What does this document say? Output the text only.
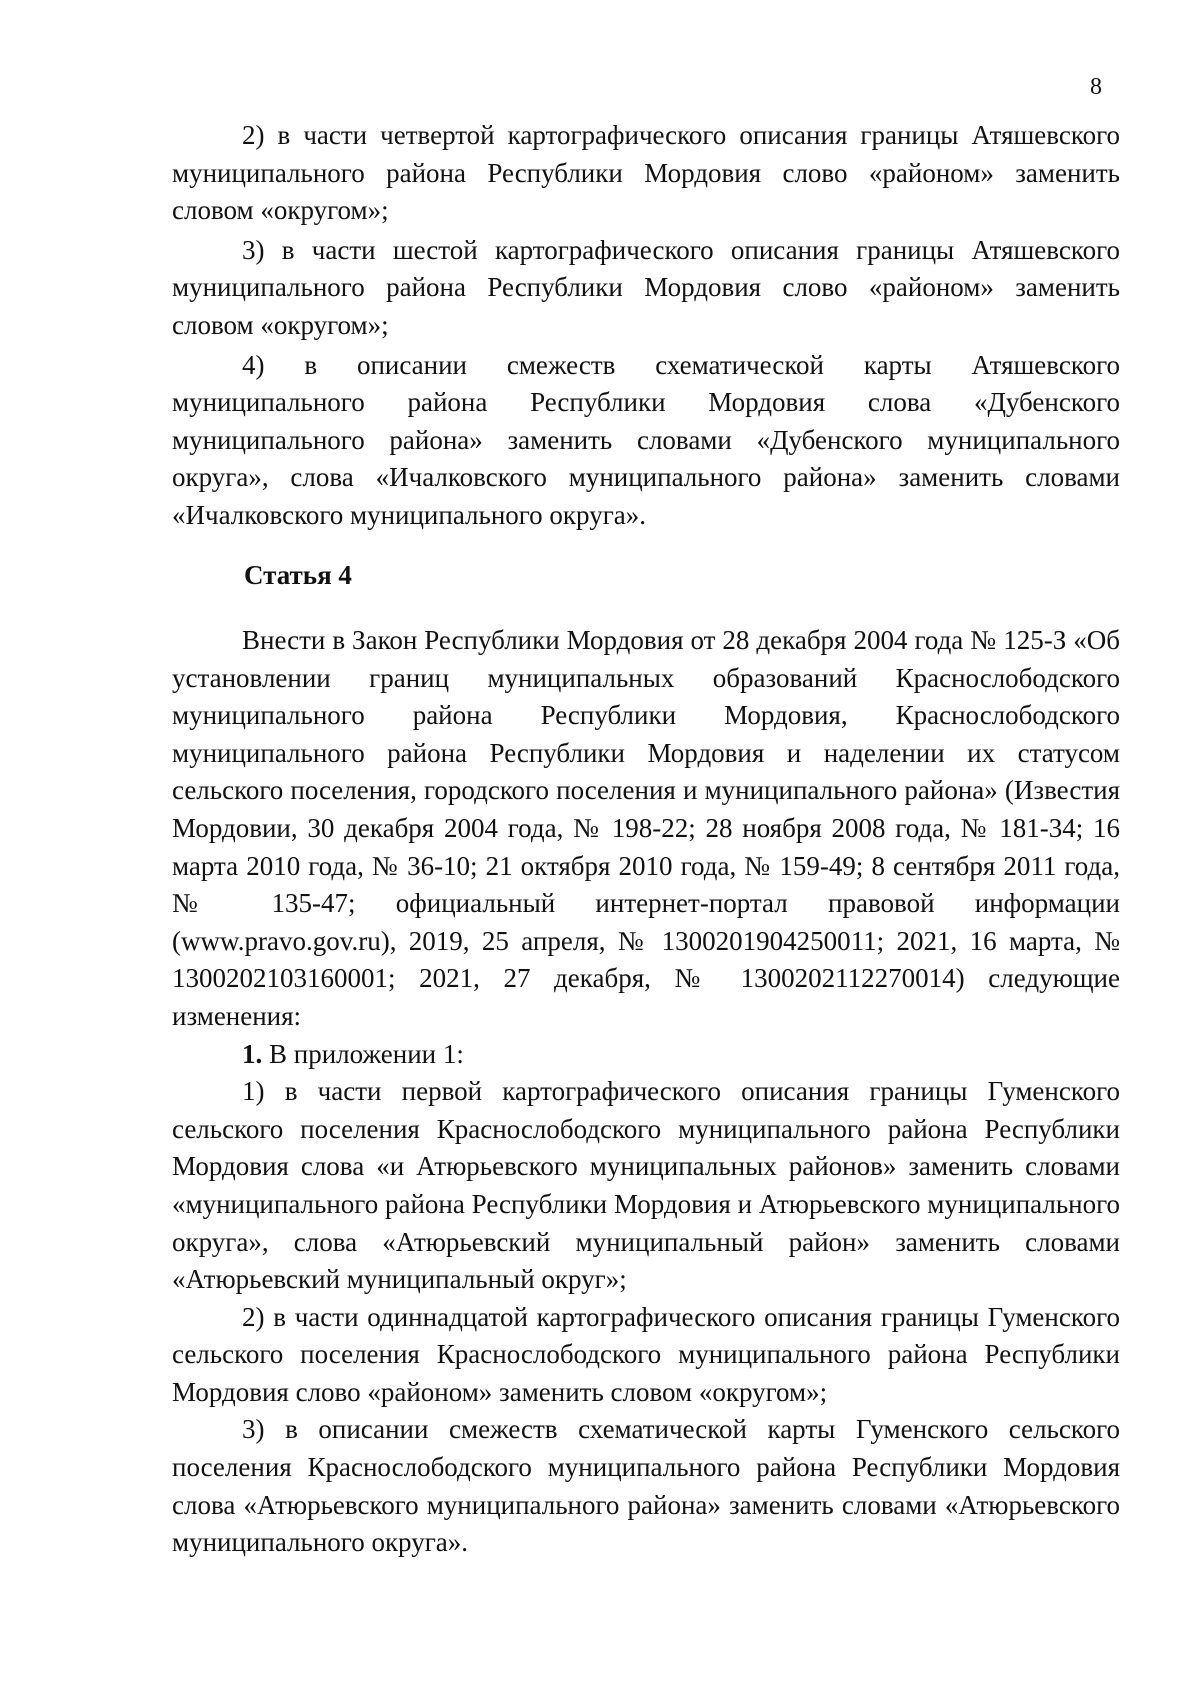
8

2) в части четвертой картографического описания границы Атяшевского муниципального района Республики Мордовия слово «районом» заменить словом «округом»;

3) в части шестой картографического описания границы Атяшевского муниципального района Республики Мордовия слово «районом» заменить словом «округом»;

4) в описании смежеств схематической карты Атяшевского муниципального района Республики Мордовия слова «Дубенского муниципального района» заменить словами «Дубенского муниципального округа», слова «Ичалковского муниципального района» заменить словами «Ичалковского муниципального округа».

Статья 4

Внести в Закон Республики Мордовия от 28 декабря 2004 года № 125-З «Об установлении границ муниципальных образований Краснослободского муниципального района Республики Мордовия, Краснослободского муниципального района Республики Мордовия и наделении их статусом сельского поселения, городского поселения и муниципального района» (Известия Мордовии, 30 декабря 2004 года, № 198-22; 28 ноября 2008 года, № 181-34; 16 марта 2010 года, № 36-10; 21 октября 2010 года, № 159-49; 8 сентября 2011 года, № 135-47; официальный интернет-портал правовой информации (www.pravo.gov.ru), 2019, 25 апреля, № 1300201904250011; 2021, 16 марта, № 1300202103160001; 2021, 27 декабря, № 1300202112270014) следующие изменения:

1. В приложении 1:

1) в части первой картографического описания границы Гуменского сельского поселения Краснослободского муниципального района Республики Мордовия слова «и Атюрьевского муниципальных районов» заменить словами «муниципального района Республики Мордовия и Атюрьевского муниципального округа», слова «Атюрьевский муниципальный район» заменить словами «Атюрьевский муниципальный округ»;

2) в части одиннадцатой картографического описания границы Гуменского сельского поселения Краснослободского муниципального района Республики Мордовия слово «районом» заменить словом «округом»;

3) в описании смежеств схематической карты Гуменского сельского поселения Краснослободского муниципального района Республики Мордовия слова «Атюрьевского муниципального района» заменить словами «Атюрьевского муниципального округа».
